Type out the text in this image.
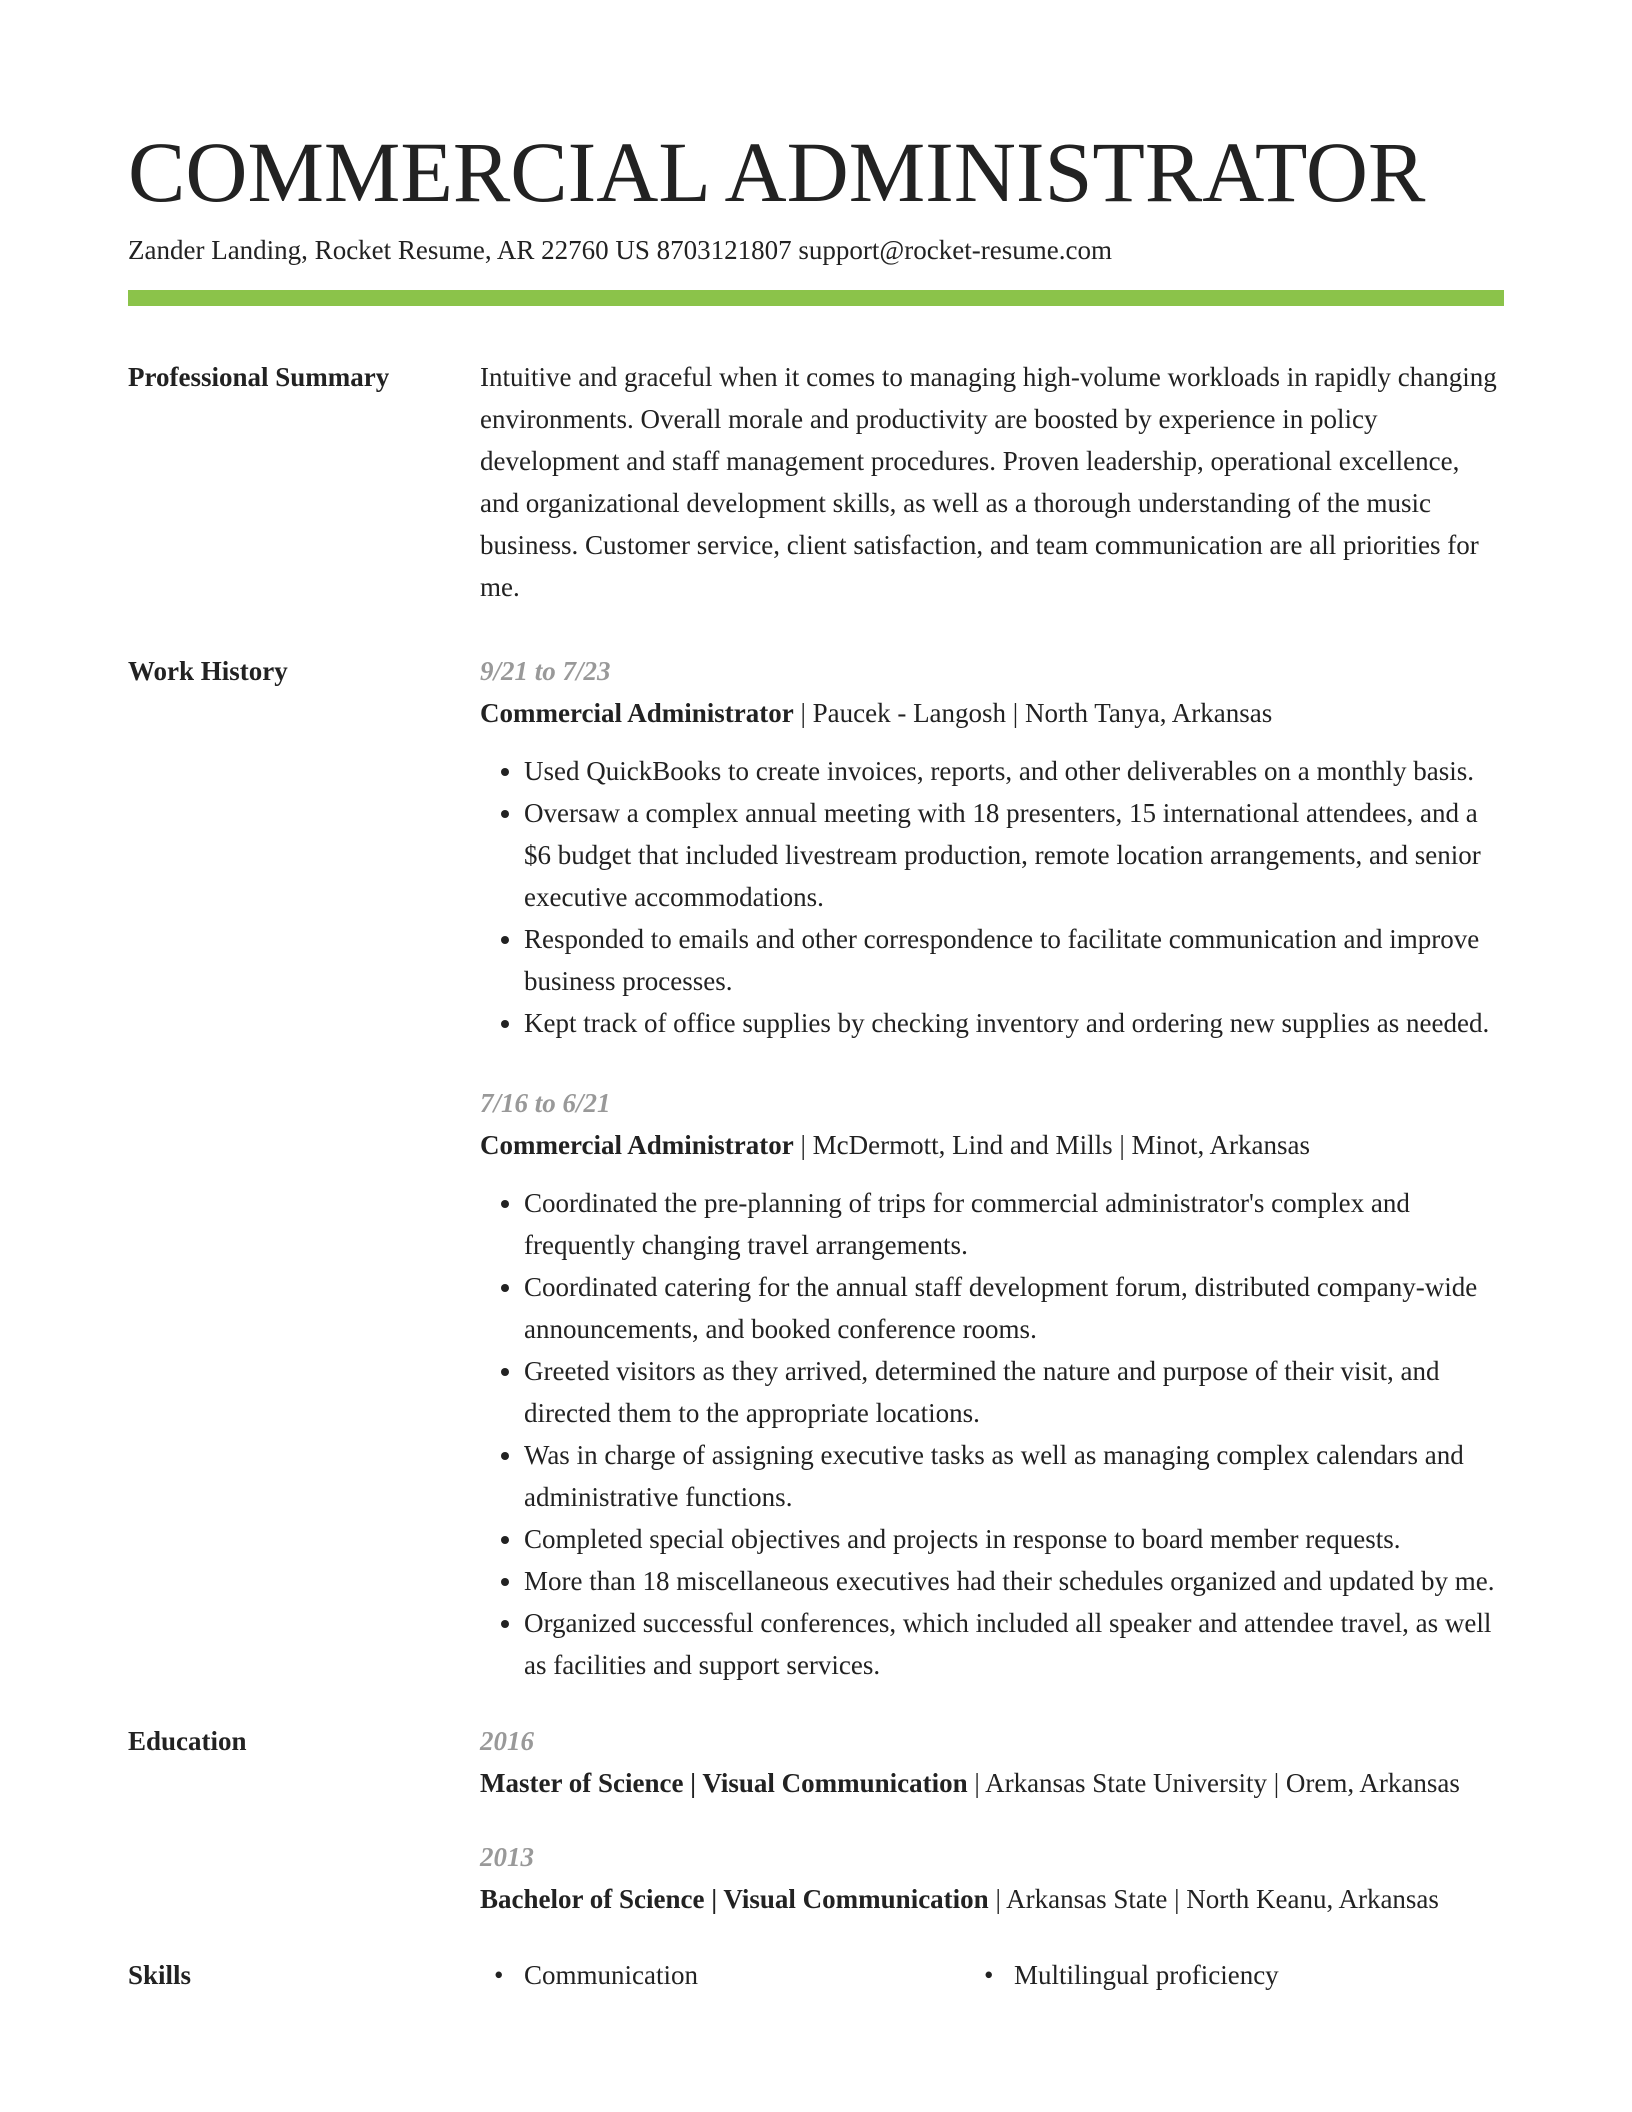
COMMERCIAL ADMINISTRATOR
Zander Landing, Rocket Resume, AR 22760 US 8703121807 support@rocket-resume.com
Professional Summary	Intuitive and graceful when it comes to managing high-volume workloads in rapidly changing environments. Overall morale and productivity are boosted by experience in policy development and staff management procedures. Proven leadership, operational excellence, and organizational development skills, as well as a thorough understanding of the music business. Customer service, client satisfaction, and team communication are all priorities for me.
Work History	9/21 to 7/23
Commercial Administrator | Paucek - Langosh | North Tanya, Arkansas
• Used QuickBooks to create invoices, reports, and other deliverables on a monthly basis.
• Oversaw a complex annual meeting with 18 presenters, 15 international attendees, and a $6 budget that included livestream production, remote location arrangements, and senior executive accommodations.
• Responded to emails and other correspondence to facilitate communication and improve business processes.
• Kept track of office supplies by checking inventory and ordering new supplies as needed.
7/16 to 6/21
Commercial Administrator | McDermott, Lind and Mills | Minot, Arkansas
• Coordinated the pre-planning of trips for commercial administrator's complex and frequently changing travel arrangements.
• Coordinated catering for the annual staff development forum, distributed company-wide announcements, and booked conference rooms.
• Greeted visitors as they arrived, determined the nature and purpose of their visit, and directed them to the appropriate locations.
• Was in charge of assigning executive tasks as well as managing complex calendars and administrative functions.
• Completed special objectives and projects in response to board member requests.
• More than 18 miscellaneous executives had their schedules organized and updated by me.
• Organized successful conferences, which included all speaker and attendee travel, as well as facilities and support services.
Education	2016
Master of Science | Visual Communication | Arkansas State University | Orem, Arkansas
2013
Bachelor of Science | Visual Communication | Arkansas State | North Keanu, Arkansas
Skills	• Communication	• Multilingual proficiency
